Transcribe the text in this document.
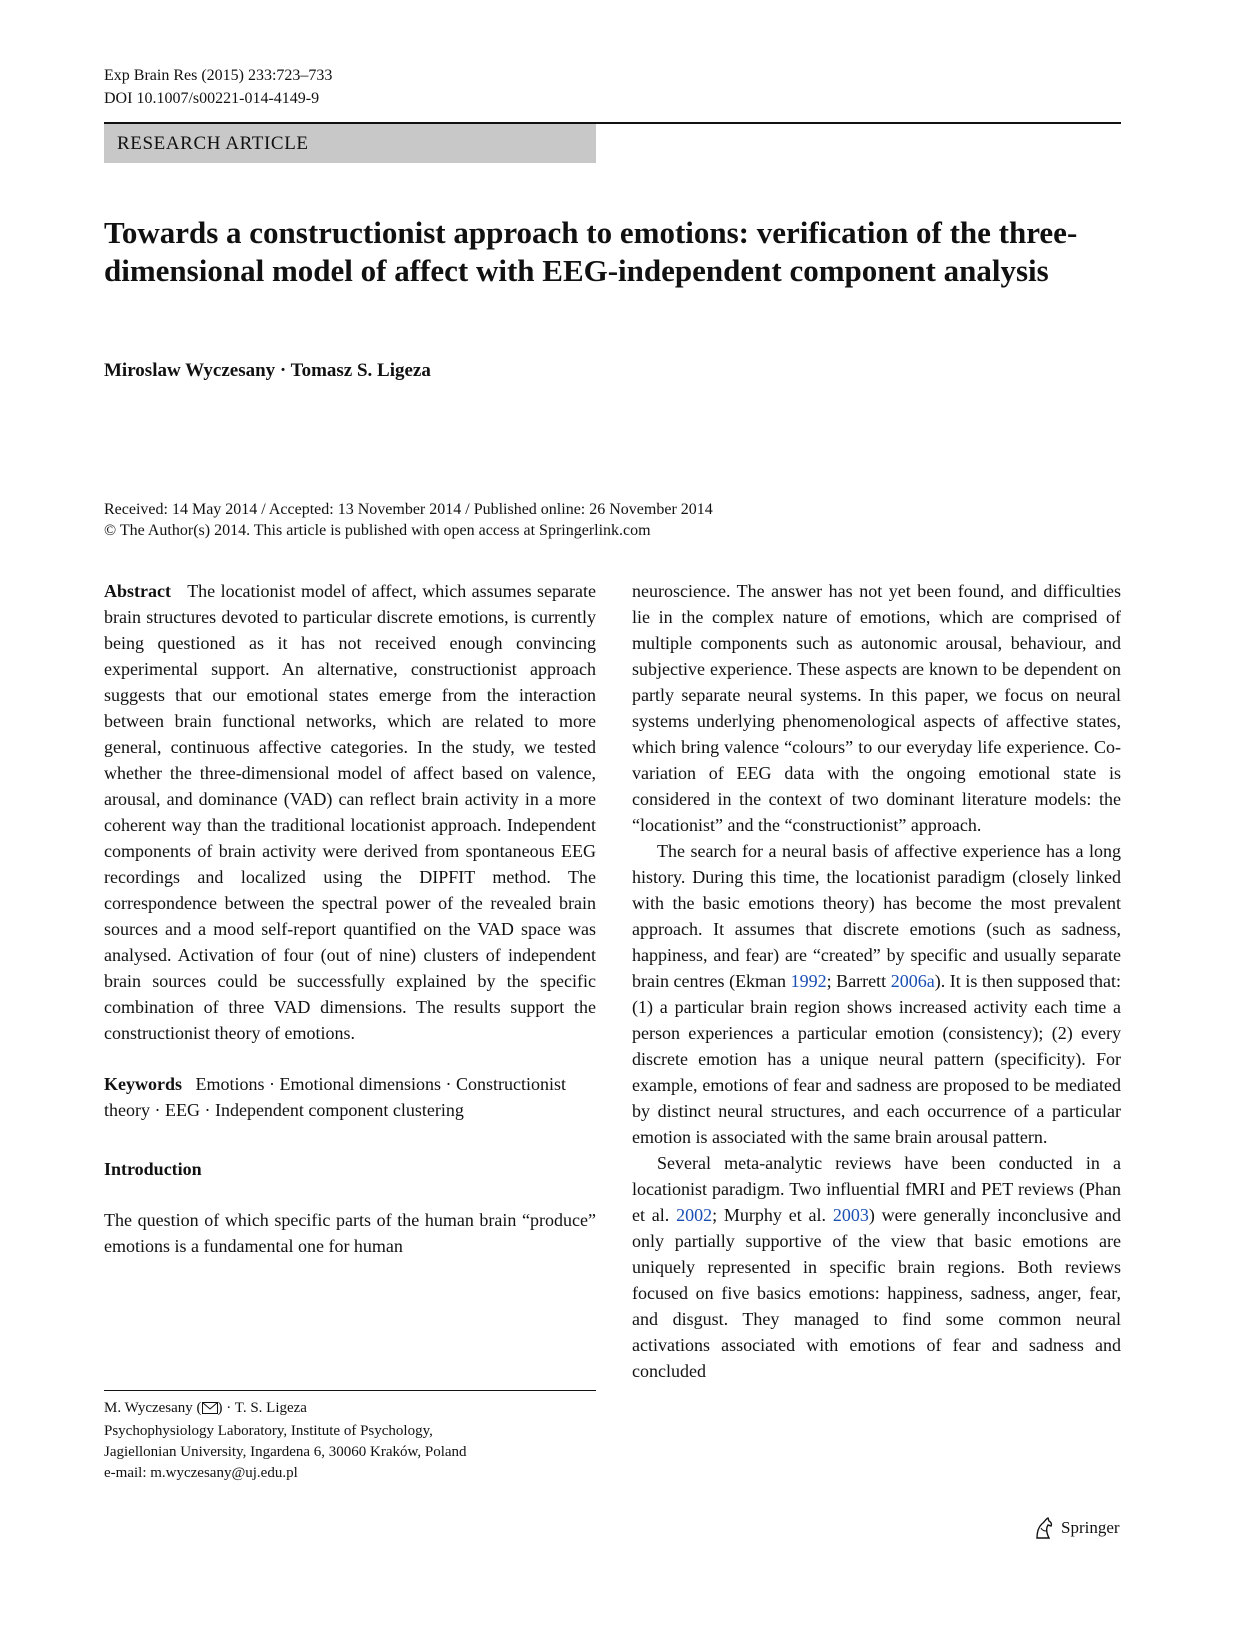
Exp Brain Res (2015) 233:723–733
DOI 10.1007/s00221-014-4149-9
RESEARCH ARTICLE
Towards a constructionist approach to emotions: verification of the three-dimensional model of affect with EEG-independent component analysis
Miroslaw Wyczesany · Tomasz S. Ligeza
Received: 14 May 2014 / Accepted: 13 November 2014 / Published online: 26 November 2014
© The Author(s) 2014. This article is published with open access at Springerlink.com

Abstract The locationist model of affect, which assumes separate brain structures devoted to particular discrete emotions, is currently being questioned as it has not received enough convincing experimental support. An alternative, constructionist approach suggests that our emotional states emerge from the interaction between brain functional networks, which are related to more general, continuous affective categories. In the study, we tested whether the three-dimensional model of affect based on valence, arousal, and dominance (VAD) can reflect brain activity in a more coherent way than the traditional locationist approach. Independent components of brain activity were derived from spontaneous EEG recordings and localized using the DIPFIT method. The correspondence between the spectral power of the revealed brain sources and a mood self-report quantified on the VAD space was analysed. Activation of four (out of nine) clusters of independent brain sources could be successfully explained by the specific combination of three VAD dimensions. The results support the constructionist theory of emotions.

Keywords Emotions · Emotional dimensions · Constructionist theory · EEG · Independent component clustering

Introduction

The question of which specific parts of the human brain “produce” emotions is a fundamental one for human

neuroscience. The answer has not yet been found, and difficulties lie in the complex nature of emotions, which are comprised of multiple components such as autonomic arousal, behaviour, and subjective experience. These aspects are known to be dependent on partly separate neural systems. In this paper, we focus on neural systems underlying phenomenological aspects of affective states, which bring valence “colours” to our everyday life experience. Co-variation of EEG data with the ongoing emotional state is considered in the context of two dominant literature models: the “locationist” and the “constructionist” approach.

The search for a neural basis of affective experience has a long history. During this time, the locationist paradigm (closely linked with the basic emotions theory) has become the most prevalent approach. It assumes that discrete emotions (such as sadness, happiness, and fear) are “created” by specific and usually separate brain centres (Ekman 1992; Barrett 2006a). It is then supposed that: (1) a particular brain region shows increased activity each time a person experiences a particular emotion (consistency); (2) every discrete emotion has a unique neural pattern (specificity). For example, emotions of fear and sadness are proposed to be mediated by distinct neural structures, and each occurrence of a particular emotion is associated with the same brain arousal pattern.

Several meta-analytic reviews have been conducted in a locationist paradigm. Two influential fMRI and PET reviews (Phan et al. 2002; Murphy et al. 2003) were generally inconclusive and only partially supportive of the view that basic emotions are uniquely represented in specific brain regions. Both reviews focused on five basics emotions: happiness, sadness, anger, fear, and disgust. They managed to find some common neural activations associated with emotions of fear and sadness and concluded

M. Wyczesany ( ) · T. S. Ligeza
Psychophysiology Laboratory, Institute of Psychology,
Jagiellonian University, Ingardena 6, 30060 Kraków, Poland
e-mail: m.wyczesany@uj.edu.pl
Springer
